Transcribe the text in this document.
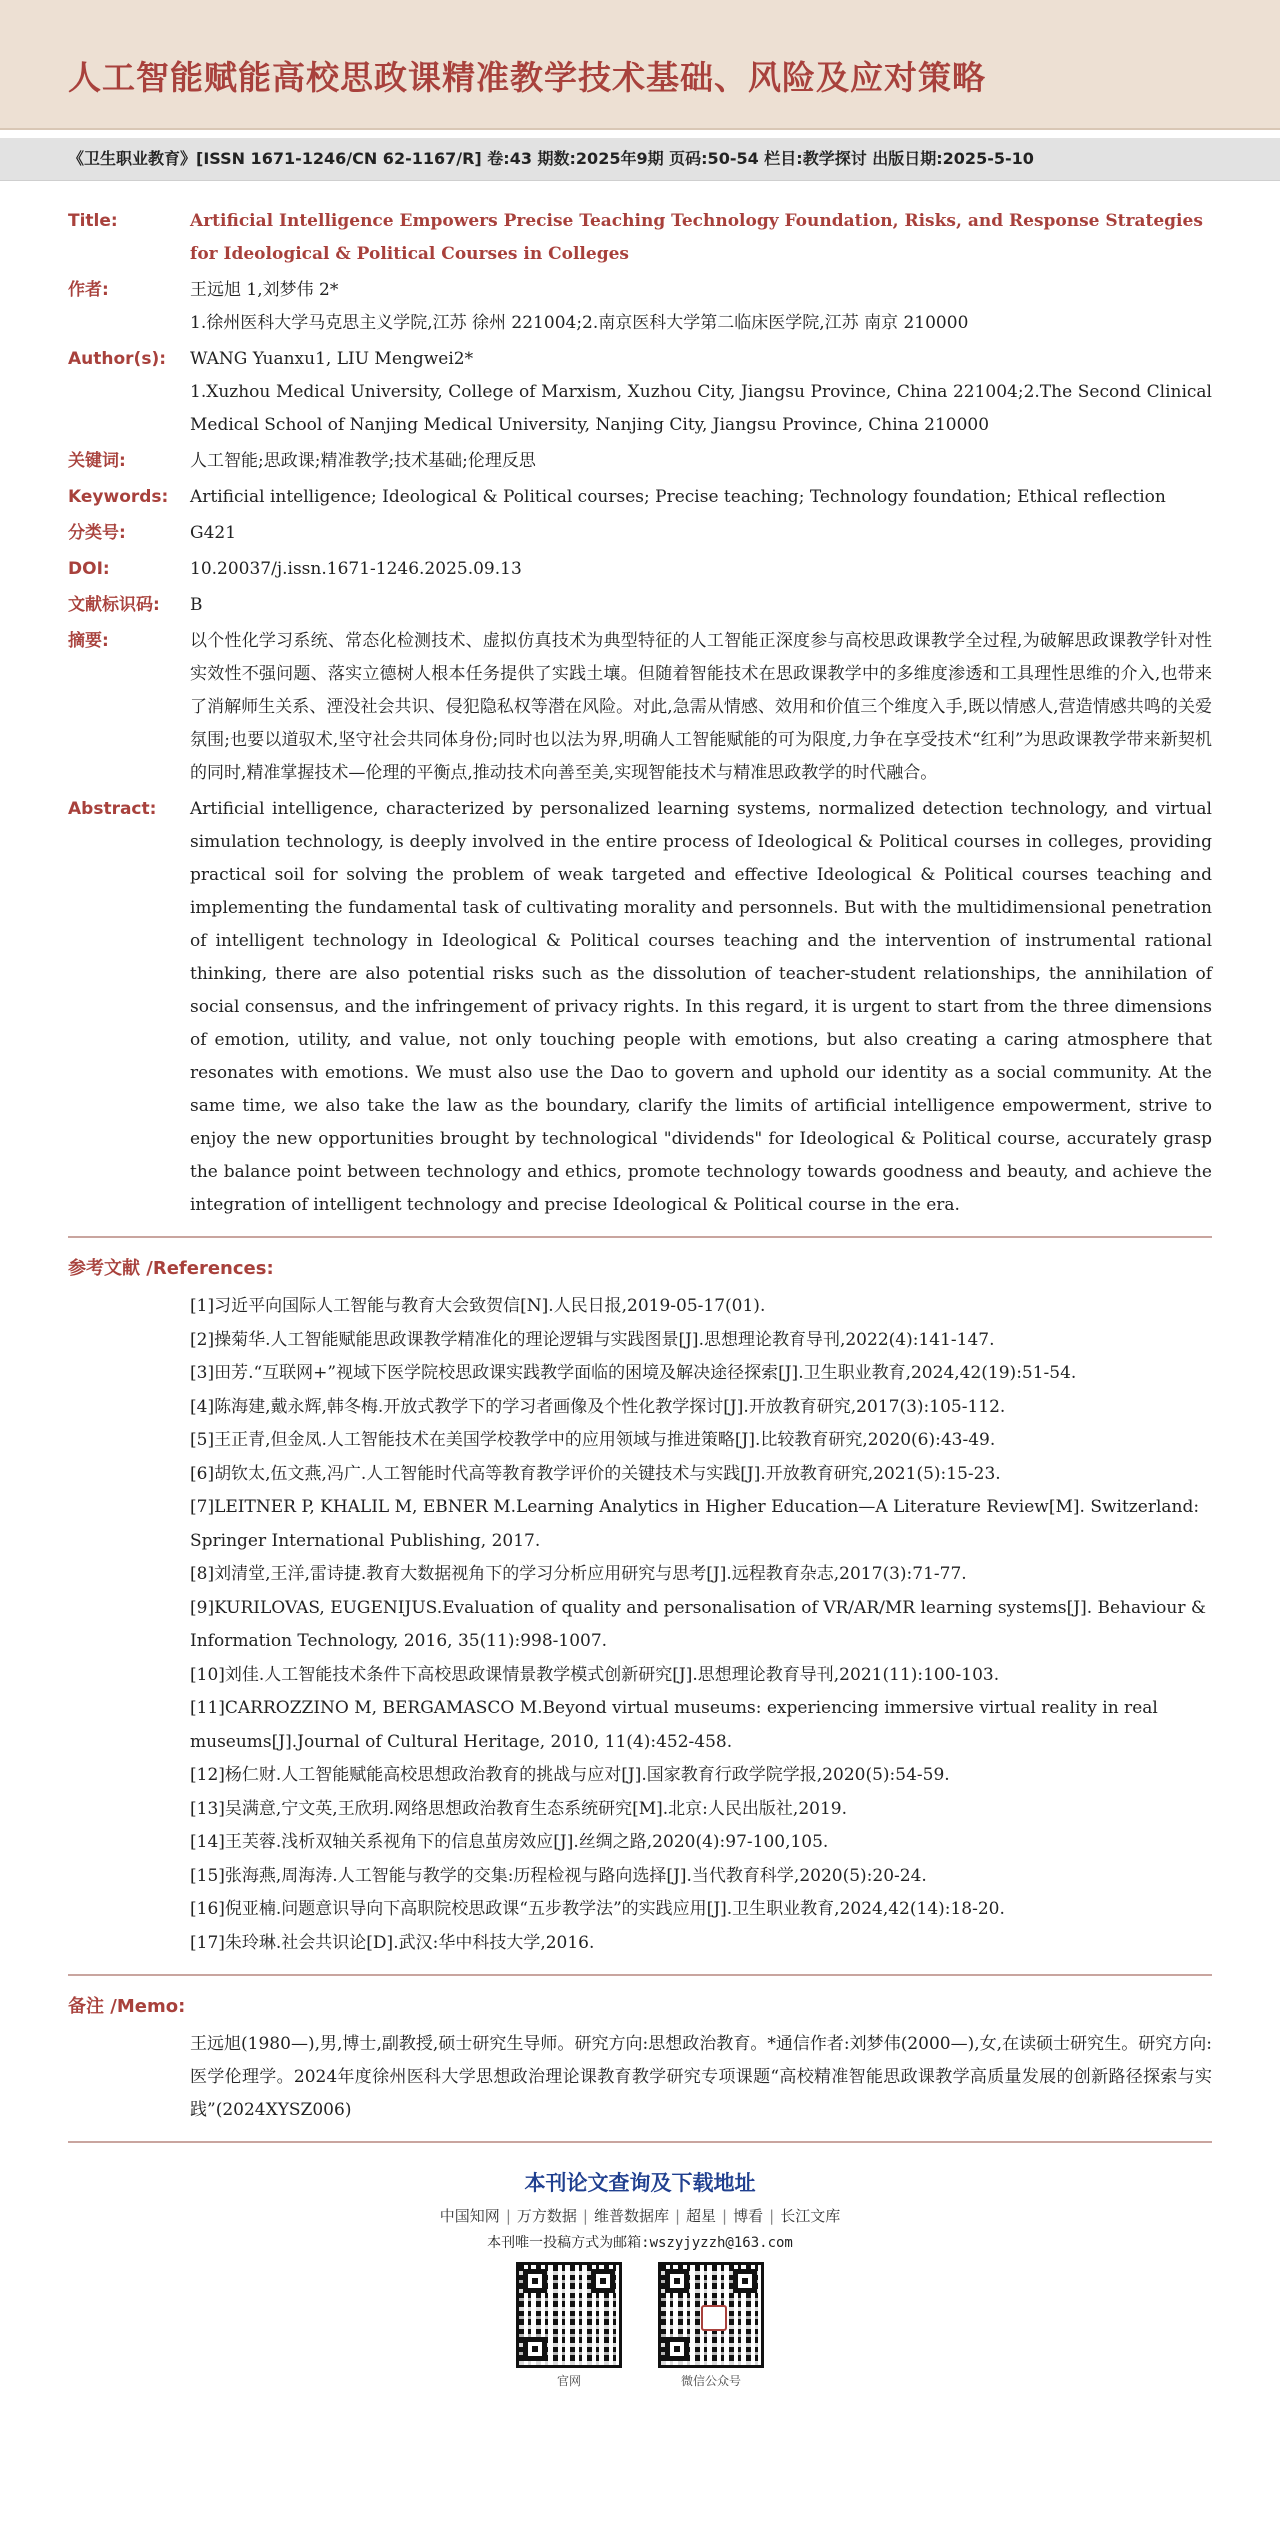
人工智能赋能高校思政课精准教学技术基础、风险及应对策略
《卫生职业教育》[ISSN 1671-1246/CN 62-1167/R] 卷:43 期数:2025年9期 页码:50-54 栏目:教学探讨 出版日期:2025-5-10
Title:	Artificial Intelligence Empowers Precise Teaching Technology Foundation, Risks, and Response Strategies for Ideological & Political Courses in Colleges
作者:	王远旭 1,刘梦伟 2*

1.徐州医科大学马克思主义学院,江苏 徐州 221004;2.南京医科大学第二临床医学院,江苏 南京 210000

Author(s):	WANG Yuanxu1, LIU Mengwei2*

1.Xuzhou Medical University, College of Marxism, Xuzhou City, Jiangsu Province, China 221004;2.The Second Clinical Medical School of Nanjing Medical University, Nanjing City, Jiangsu Province, China 210000

关键词:	人工智能;思政课;精准教学;技术基础;伦理反思
Keywords:	Artificial intelligence; Ideological & Political courses; Precise teaching; Technology foundation; Ethical reflection
分类号:	G421
DOI:	10.20037/j.issn.1671-1246.2025.09.13
文献标识码:	B
摘要:	以个性化学习系统、常态化检测技术、虚拟仿真技术为典型特征的人工智能正深度参与高校思政课教学全过程,为破解思政课教学针对性实效性不强问题、落实立德树人根本任务提供了实践土壤。但随着智能技术在思政课教学中的多维度渗透和工具理性思维的介入,也带来了消解师生关系、湮没社会共识、侵犯隐私权等潜在风险。对此,急需从情感、效用和价值三个维度入手,既以情感人,营造情感共鸣的关爱氛围;也要以道驭术,坚守社会共同体身份;同时也以法为界,明确人工智能赋能的可为限度,力争在享受技术“红利”为思政课教学带来新契机的同时,精准掌握技术—伦理的平衡点,推动技术向善至美,实现智能技术与精准思政教学的时代融合。
Abstract:	Artificial intelligence, characterized by personalized learning systems, normalized detection technology, and virtual simulation technology, is deeply involved in the entire process of Ideological & Political courses in colleges, providing practical soil for solving the problem of weak targeted and effective Ideological & Political courses teaching and implementing the fundamental task of cultivating morality and personnels. But with the multidimensional penetration of intelligent technology in Ideological & Political courses teaching and the intervention of instrumental rational thinking, there are also potential risks such as the dissolution of teacher-student relationships, the annihilation of social consensus, and the infringement of privacy rights. In this regard, it is urgent to start from the three dimensions of emotion, utility, and value, not only touching people with emotions, but also creating a caring atmosphere that resonates with emotions. We must also use the Dao to govern and uphold our identity as a social community. At the same time, we also take the law as the boundary, clarify the limits of artificial intelligence empowerment, strive to enjoy the new opportunities brought by technological "dividends" for Ideological & Political course, accurately grasp the balance point between technology and ethics, promote technology towards goodness and beauty, and achieve the integration of intelligent technology and precise Ideological & Political course in the era.
参考文献 /References:
[1]习近平向国际人工智能与教育大会致贺信[N].人民日报,2019-05-17(01).
[2]操菊华.人工智能赋能思政课教学精准化的理论逻辑与实践图景[J].思想理论教育导刊,2022(4):141-147.
[3]田芳.“互联网+”视域下医学院校思政课实践教学面临的困境及解决途径探索[J].卫生职业教育,2024,42(19):51-54.
[4]陈海建,戴永辉,韩冬梅.开放式教学下的学习者画像及个性化教学探讨[J].开放教育研究,2017(3):105-112.
[5]王正青,但金凤.人工智能技术在美国学校教学中的应用领域与推进策略[J].比较教育研究,2020(6):43-49.
[6]胡钦太,伍文燕,冯广.人工智能时代高等教育教学评价的关键技术与实践[J].开放教育研究,2021(5):15-23.
[7]LEITNER P, KHALIL M, EBNER M.Learning Analytics in Higher Education—A Literature Review[M]. Switzerland: Springer International Publishing, 2017.
[8]刘清堂,王洋,雷诗捷.教育大数据视角下的学习分析应用研究与思考[J].远程教育杂志,2017(3):71-77.
[9]KURILOVAS, EUGENIJUS.Evaluation of quality and personalisation of VR/AR/MR learning systems[J]. Behaviour & Information Technology, 2016, 35(11):998-1007.
[10]刘佳.人工智能技术条件下高校思政课情景教学模式创新研究[J].思想理论教育导刊,2021(11):100-103.
[11]CARROZZINO M, BERGAMASCO M.Beyond virtual museums: experiencing immersive virtual reality in real museums[J].Journal of Cultural Heritage, 2010, 11(4):452-458.
[12]杨仁财.人工智能赋能高校思想政治教育的挑战与应对[J].国家教育行政学院学报,2020(5):54-59.
[13]吴满意,宁文英,王欣玥.网络思想政治教育生态系统研究[M].北京:人民出版社,2019.
[14]王芙蓉.浅析双轴关系视角下的信息茧房效应[J].丝绸之路,2020(4):97-100,105.
[15]张海燕,周海涛.人工智能与教学的交集:历程检视与路向选择[J].当代教育科学,2020(5):20-24.
[16]倪亚楠.问题意识导向下高职院校思政课“五步教学法”的实践应用[J].卫生职业教育,2024,42(14):18-20.
[17]朱玲琳.社会共识论[D].武汉:华中科技大学,2016.
备注 /Memo:
王远旭(1980—),男,博士,副教授,硕士研究生导师。研究方向:思想政治教育。*通信作者:刘梦伟(2000—),女,在读硕士研究生。研究方向:医学伦理学。2024年度徐州医科大学思想政治理论课教育教学研究专项课题“高校精准智能思政课教学高质量发展的创新路径探索与实践”(2024XYSZ006)
本刊论文查询及下载地址
中国知网 | 万方数据 | 维普数据库 | 超星 | 博看 | 长江文库
本刊唯一投稿方式为邮箱:wszyjyzzh@163.com
官网	微信公众号
